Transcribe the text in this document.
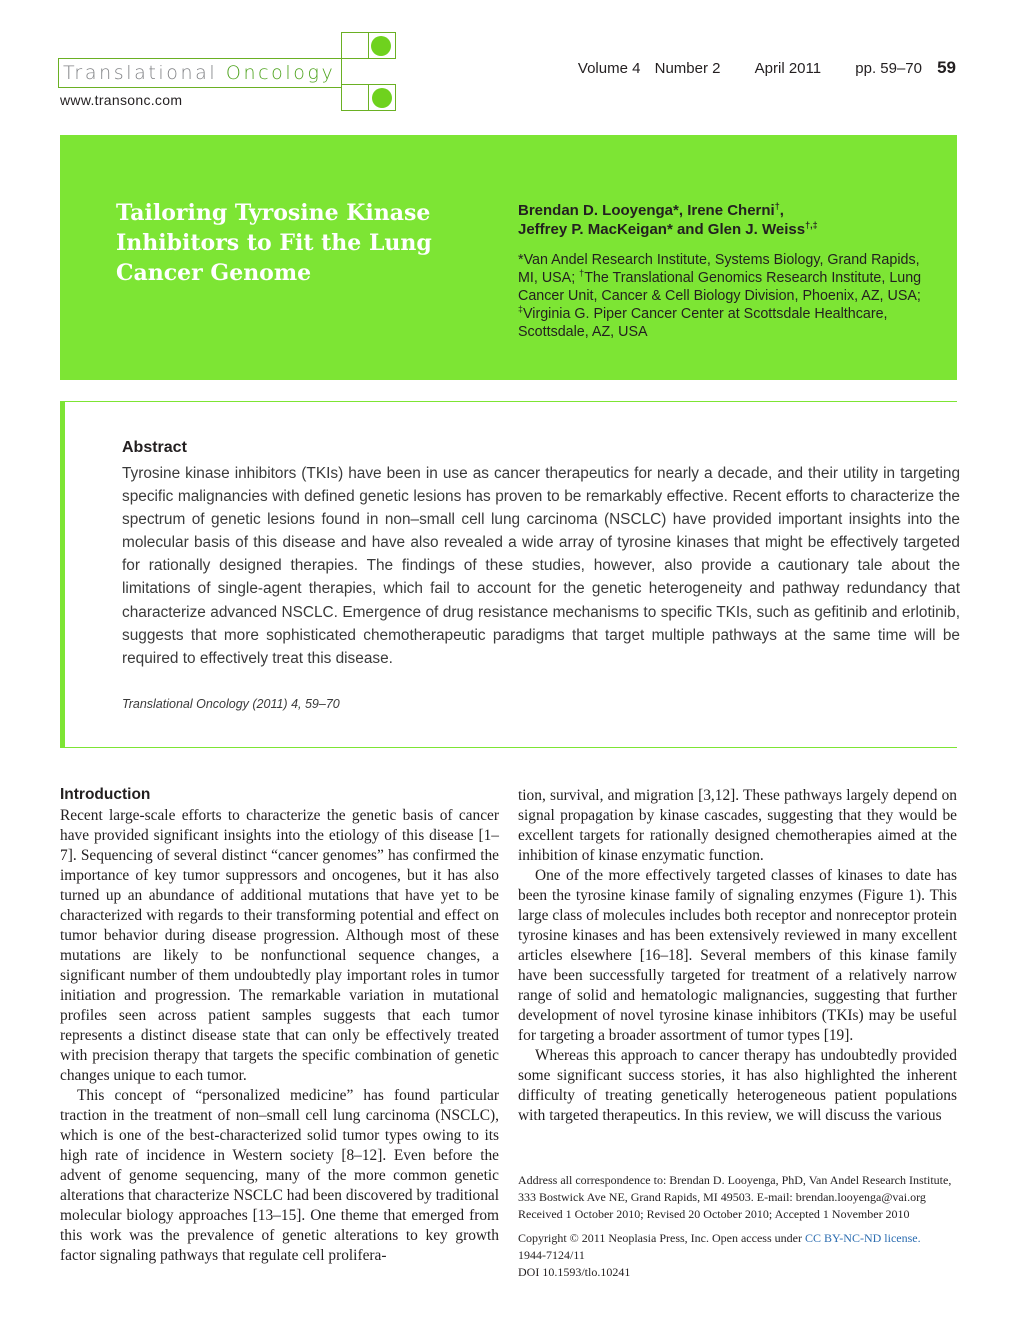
Translational Oncology
www.transonc.com
Volume 4 Number 2 April 2011 pp. 59–70 59
Tailoring Tyrosine Kinase Inhibitors to Fit the Lung Cancer Genome
Brendan D. Looyenga*, Irene Cherni†,
Jeffrey P. MacKeigan* and Glen J. Weiss†,‡
*Van Andel Research Institute, Systems Biology, Grand Rapids, MI, USA; †The Translational Genomics Research Institute, Lung Cancer Unit, Cancer & Cell Biology Division, Phoenix, AZ, USA; ‡Virginia G. Piper Cancer Center at Scottsdale Healthcare, Scottsdale, AZ, USA
Abstract
Tyrosine kinase inhibitors (TKIs) have been in use as cancer therapeutics for nearly a decade, and their utility in targeting specific malignancies with defined genetic lesions has proven to be remarkably effective. Recent efforts to characterize the spectrum of genetic lesions found in non–small cell lung carcinoma (NSCLC) have provided important insights into the molecular basis of this disease and have also revealed a wide array of tyrosine kinases that might be effectively targeted for rationally designed therapies. The findings of these studies, however, also provide a cautionary tale about the limitations of single-agent therapies, which fail to account for the genetic heterogeneity and pathway redundancy that characterize advanced NSCLC. Emergence of drug resistance mechanisms to specific TKIs, such as gefitinib and erlotinib, suggests that more sophisticated chemotherapeutic paradigms that target multiple pathways at the same time will be required to effectively treat this disease.
Translational Oncology (2011) 4, 59–70
Introduction

Recent large-scale efforts to characterize the genetic basis of cancer have provided significant insights into the etiology of this disease [1–7]. Sequencing of several distinct “cancer genomes” has confirmed the importance of key tumor suppressors and oncogenes, but it has also turned up an abundance of additional mutations that have yet to be characterized with regards to their transforming potential and effect on tumor behavior during disease progression. Although most of these mutations are likely to be nonfunctional sequence changes, a significant number of them undoubtedly play important roles in tumor initiation and progression. The remarkable variation in mutational profiles seen across patient samples suggests that each tumor represents a distinct disease state that can only be effectively treated with precision therapy that targets the specific combination of genetic changes unique to each tumor.

This concept of “personalized medicine” has found particular traction in the treatment of non–small cell lung carcinoma (NSCLC), which is one of the best-characterized solid tumor types owing to its high rate of incidence in Western society [8–12]. Even before the advent of genome sequencing, many of the more common genetic alterations that characterize NSCLC had been discovered by traditional molecular biology approaches [13–15]. One theme that emerged from this work was the prevalence of genetic alterations to key growth factor signaling pathways that regulate cell prolifera-

tion, survival, and migration [3,12]. These pathways largely depend on signal propagation by kinase cascades, suggesting that they would be excellent targets for rationally designed chemotherapies aimed at the inhibition of kinase enzymatic function.

One of the more effectively targeted classes of kinases to date has been the tyrosine kinase family of signaling enzymes (Figure 1). This large class of molecules includes both receptor and nonreceptor protein tyrosine kinases and has been extensively reviewed in many excellent articles elsewhere [16–18]. Several members of this kinase family have been successfully targeted for treatment of a relatively narrow range of solid and hematologic malignancies, suggesting that further development of novel tyrosine kinase inhibitors (TKIs) may be useful for targeting a broader assortment of tumor types [19].

Whereas this approach to cancer therapy has undoubtedly provided some significant success stories, it has also highlighted the inherent difficulty of treating genetically heterogeneous patient populations with targeted therapeutics. In this review, we will discuss the various

Address all correspondence to: Brendan D. Looyenga, PhD, Van Andel Research Institute, 333 Bostwick Ave NE, Grand Rapids, MI 49503. E-mail: brendan.looyenga@vai.org
Received 1 October 2010; Revised 20 October 2010; Accepted 1 November 2010
Copyright © 2011 Neoplasia Press, Inc. Open access under CC BY-NC-ND license.
1944-7124/11
DOI 10.1593/tlo.10241
